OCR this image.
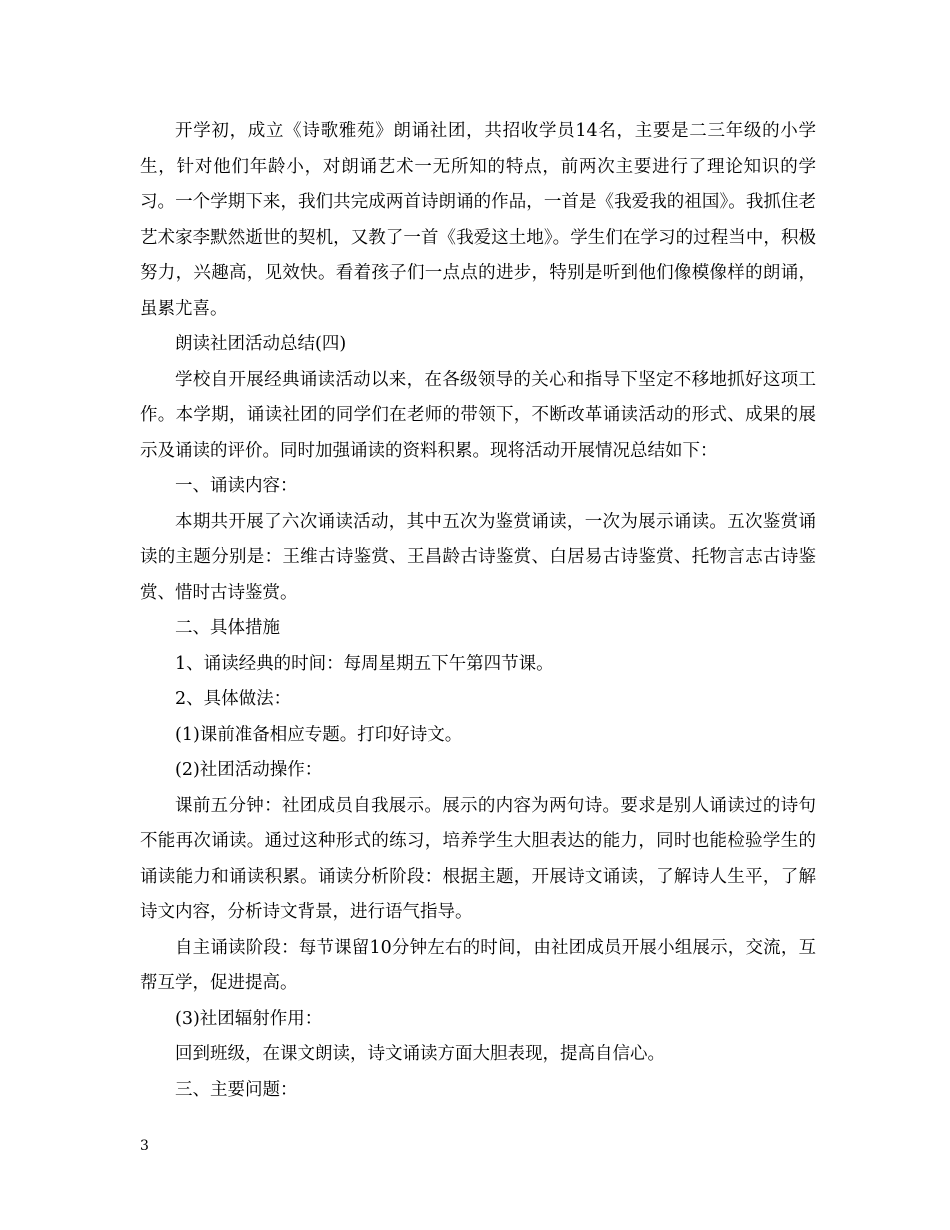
开学初，成立《诗歌雅苑》朗诵社团，共招收学员14名，主要是二三年级的小学生，针对他们年龄小，对朗诵艺术一无所知的特点，前两次主要进行了理论知识的学习。一个学期下来，我们共完成两首诗朗诵的作品，一首是《我爱我的祖国》。我抓住老艺术家李默然逝世的契机，又教了一首《我爱这土地》。学生们在学习的过程当中，积极努力，兴趣高，见效快。看着孩子们一点点的进步，特别是听到他们像模像样的朗诵，虽累尤喜。

朗读社团活动总结(四)

学校自开展经典诵读活动以来，在各级领导的关心和指导下坚定不移地抓好这项工作。本学期，诵读社团的同学们在老师的带领下，不断改革诵读活动的形式、成果的展示及诵读的评价。同时加强诵读的资料积累。现将活动开展情况总结如下：

一、诵读内容：

本期共开展了六次诵读活动，其中五次为鉴赏诵读，一次为展示诵读。五次鉴赏诵读的主题分别是：王维古诗鉴赏、王昌龄古诗鉴赏、白居易古诗鉴赏、托物言志古诗鉴赏、惜时古诗鉴赏。

二、具体措施

1、诵读经典的时间：每周星期五下午第四节课。

2、具体做法：

(1)课前准备相应专题。打印好诗文。

(2)社团活动操作：

课前五分钟：社团成员自我展示。展示的内容为两句诗。要求是别人诵读过的诗句不能再次诵读。通过这种形式的练习，培养学生大胆表达的能力，同时也能检验学生的诵读能力和诵读积累。诵读分析阶段：根据主题，开展诗文诵读，了解诗人生平，了解诗文内容，分析诗文背景，进行语气指导。

自主诵读阶段：每节课留10分钟左右的时间，由社团成员开展小组展示，交流，互帮互学，促进提高。

(3)社团辐射作用：

回到班级，在课文朗读，诗文诵读方面大胆表现，提高自信心。

三、主要问题：

3
